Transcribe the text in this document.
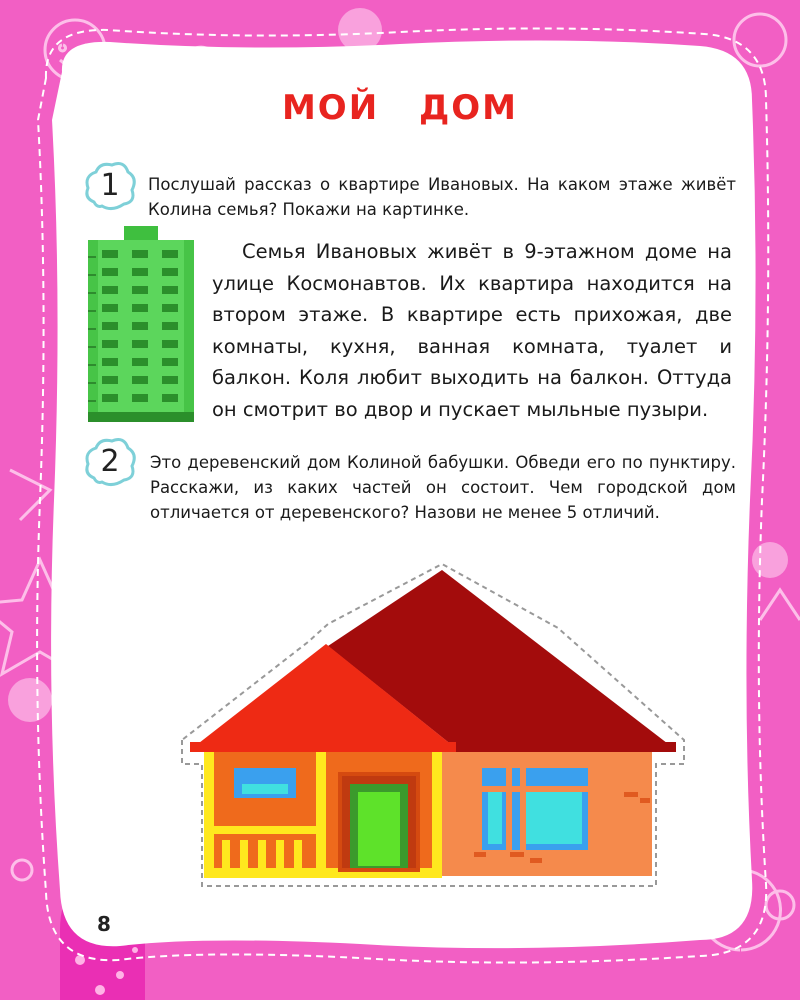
МОЙ ДОМ
1	Послушай рассказ о квартире Ивановых. На каком этаже живёт Колина семья? Покажи на картинке.
Семья Ивановых живёт в 9-этажном доме на улице Космонавтов. Их квартира находится на втором этаже. В квартире есть прихожая, две комнаты, кухня, ванная комната, туалет и балкон. Коля любит выходить на балкон. Оттуда он смотрит во двор и пускает мыльные пузыри.
2	Это деревенский дом Колиной бабушки. Обведи его по пунктиру. Расскажи, из каких частей он состоит. Чем городской дом отличается от деревенского? Назови не менее 5 отличий.
8
